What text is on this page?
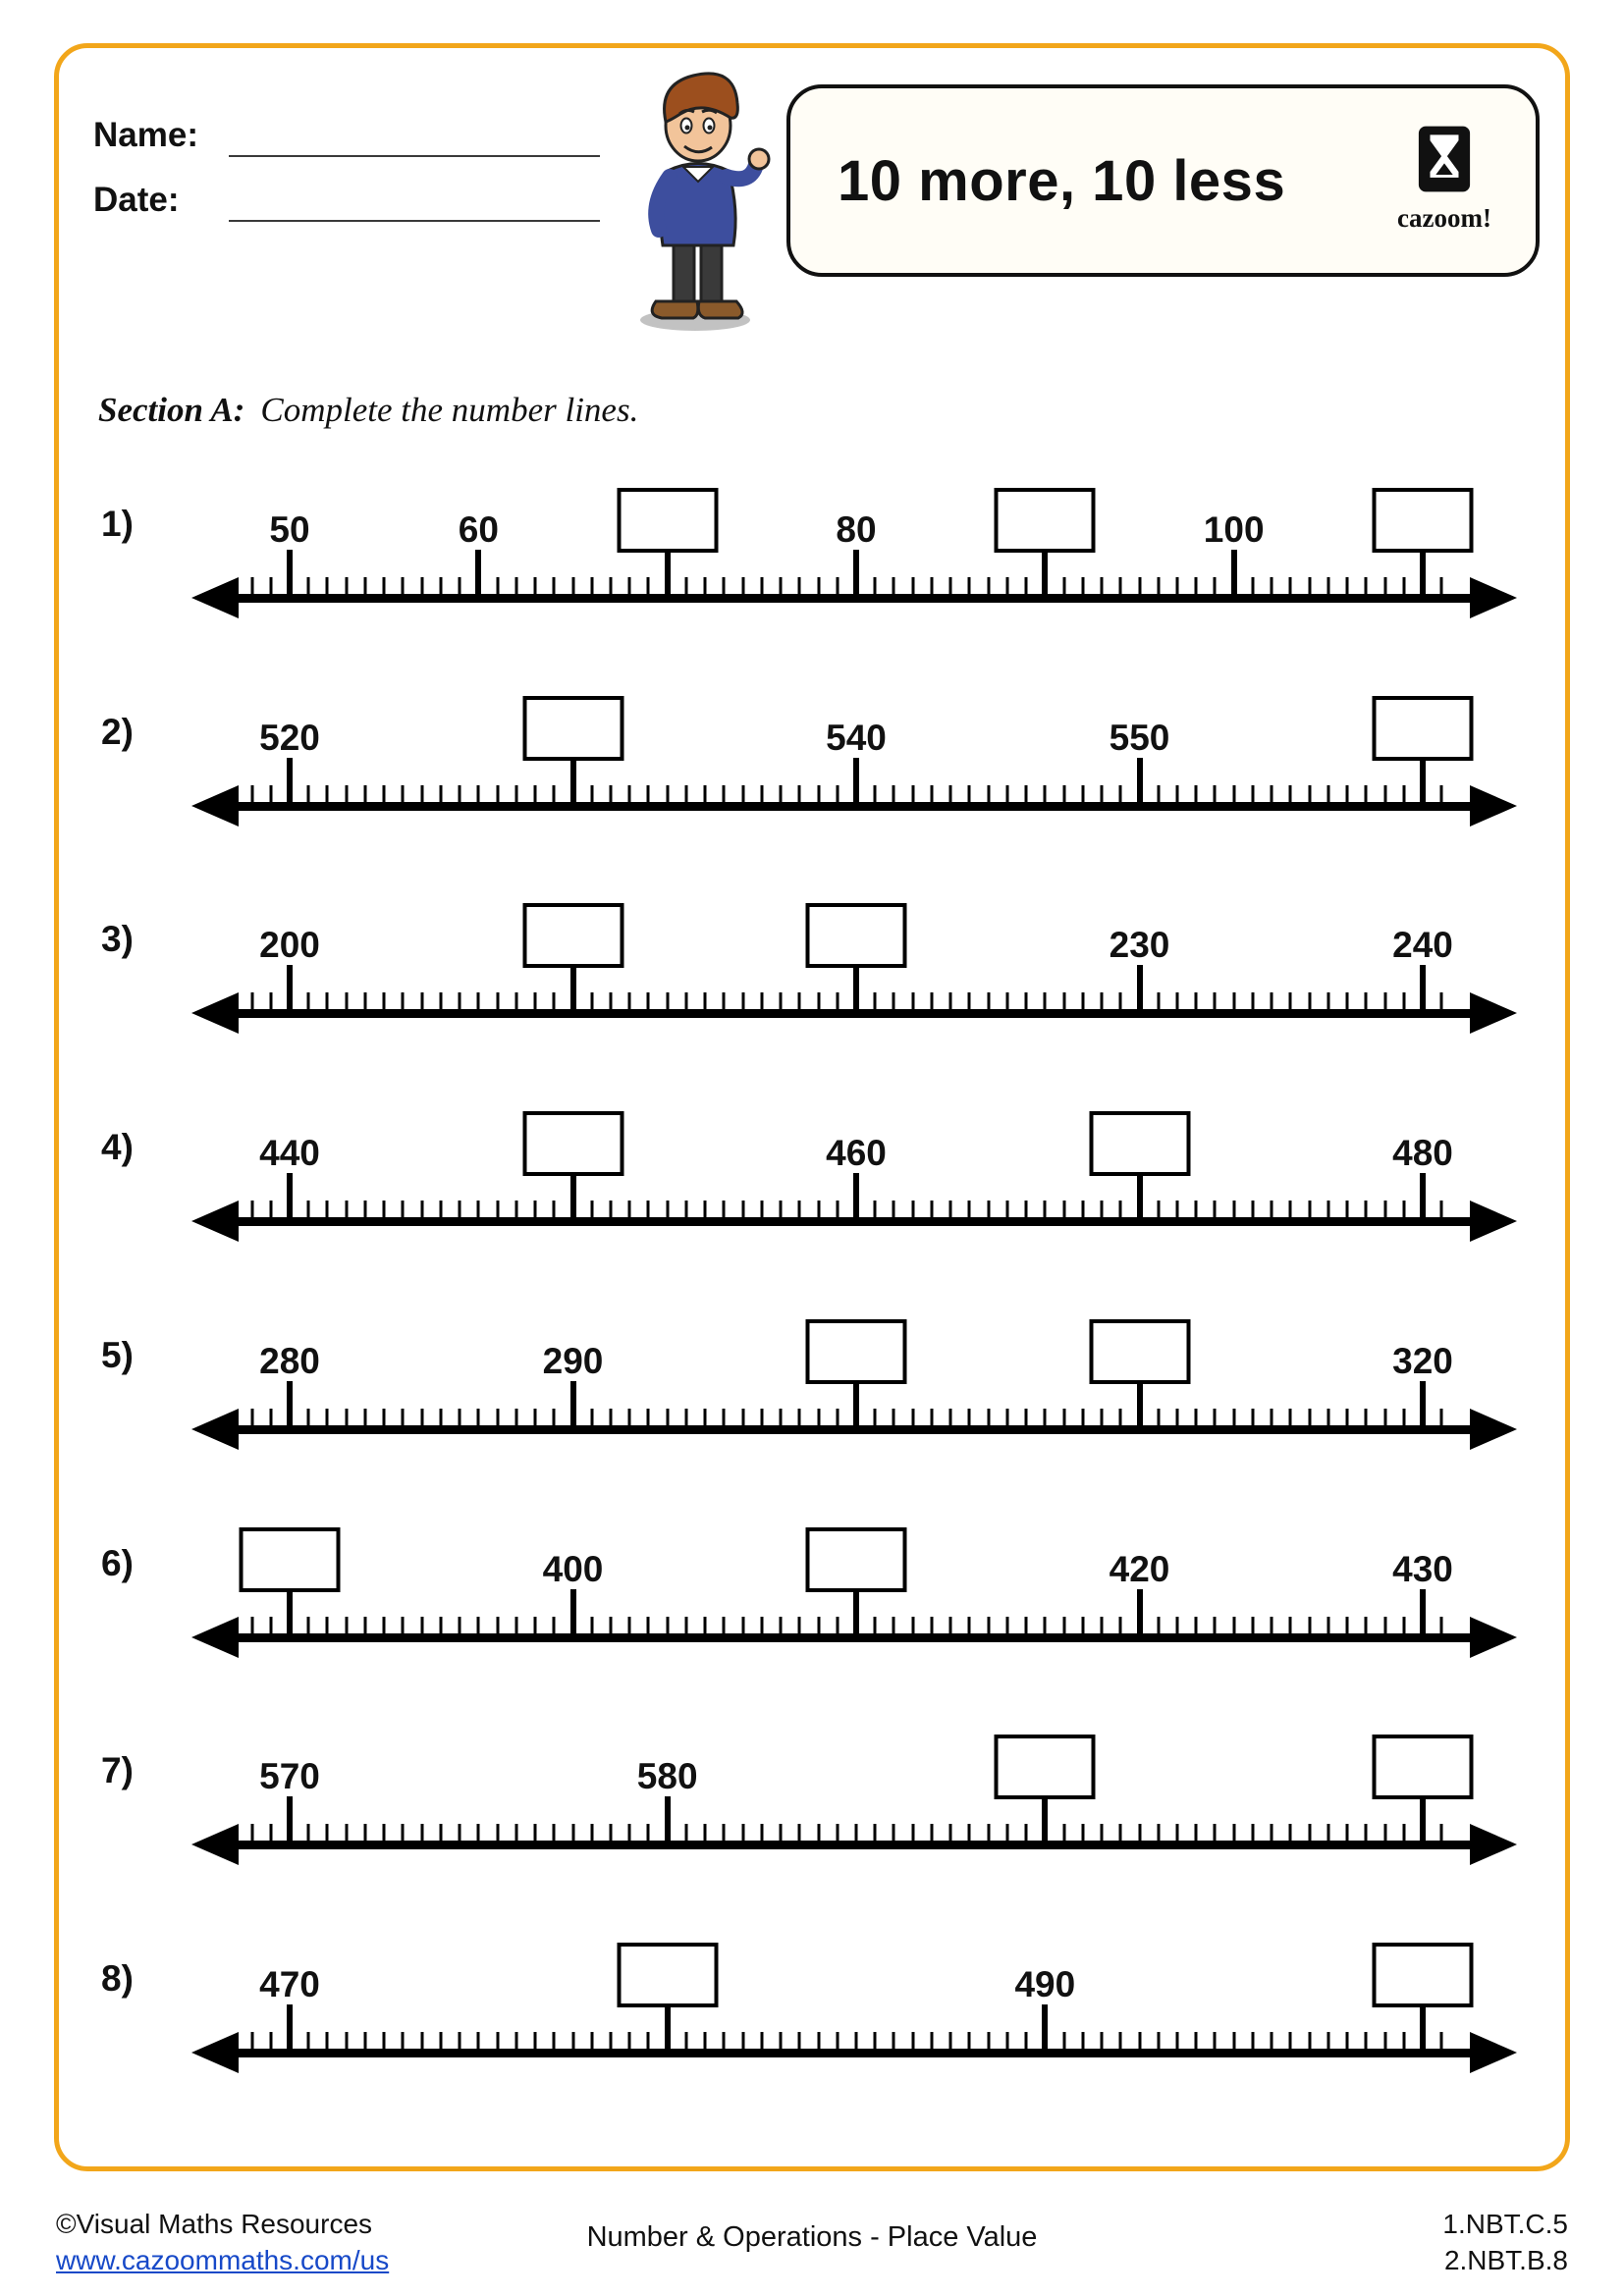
Name:
Date:	10 more, 10 less
cazoom!
Section A: Complete the number lines.
1)	50	60	80	100
2)	520	540	550
3)	200	230	240
4)	440	460	480
5)	280	290	320
6)	400	420	430
7)	570	580
8)	470	490
©Visual Maths Resources
www.cazoommaths.com/us
Number & Operations - Place Value	1.NBT.C.5
2.NBT.B.8
